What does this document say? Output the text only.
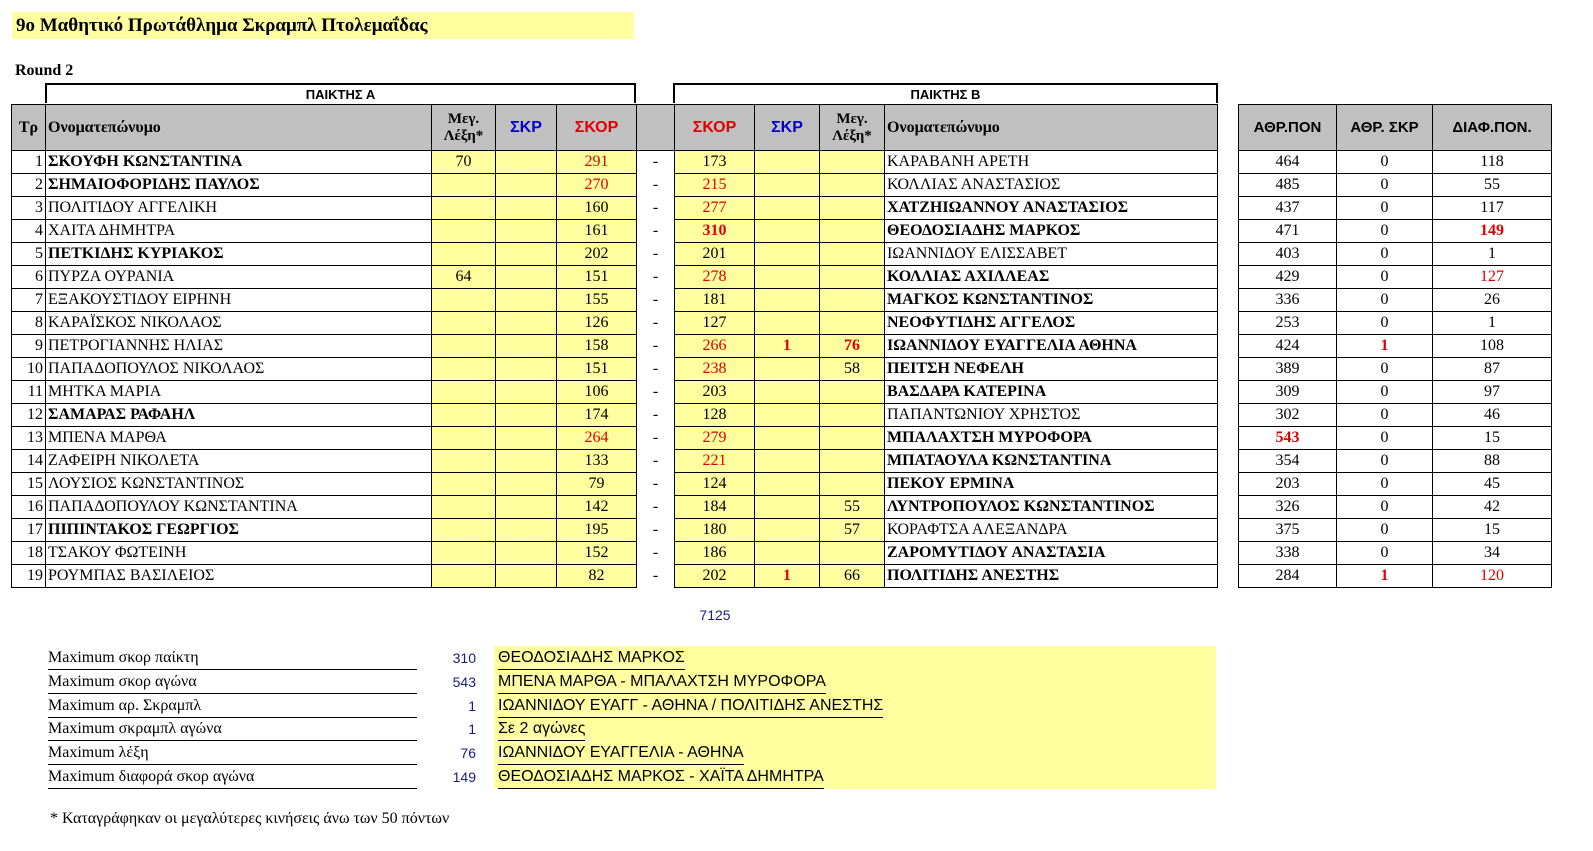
9ο Μαθητικό Πρωτάθλημα Σκραμπλ Πτολεμαΐδας
Round 2
ΠΑΙΚΤΗΣ Α	ΠΑΙΚΤΗΣ Β
Τρ	Ονοματεπώνυμο	Μεγ. Λέξη*	ΣΚΡ	ΣΚΟΡ		ΣΚΟΡ	ΣΚΡ	Μεγ. Λέξη*	Ονοματεπώνυμο
1	ΣΚΟΥΦΗ ΚΩΝΣΤΑΝΤΙΝΑ	70		291	-	173			ΚΑΡΑΒΑΝΗ ΑΡΕΤΗ
2	ΣΗΜΑΙΟΦΟΡΙΔΗΣ ΠΑΥΛΟΣ			270	-	215			ΚΟΛΛΙΑΣ ΑΝΑΣΤΑΣΙΟΣ
3	ΠΟΛΙΤΙΔΟΥ ΑΓΓΕΛΙΚΗ			160	-	277			ΧΑΤΖΗΙΩΑΝΝΟΥ ΑΝΑΣΤΑΣΙΟΣ
4	ΧΑΙΤΑ ΔΗΜΗΤΡΑ			161	-	310			ΘΕΟΔΟΣΙΑΔΗΣ ΜΑΡΚΟΣ
5	ΠΕΤΚΙΔΗΣ ΚΥΡΙΑΚΟΣ			202	-	201			ΙΩΑΝΝΙΔΟΥ ΕΛΙΣΣΑΒΕΤ
6	ΠΥΡΖΑ ΟΥΡΑΝΙΑ	64		151	-	278			ΚΟΛΛΙΑΣ ΑΧΙΛΛΕΑΣ
7	ΕΞΑΚΟΥΣΤΙΔΟΥ ΕΙΡΗΝΗ			155	-	181			ΜΑΓΚΟΣ ΚΩΝΣΤΑΝΤΙΝΟΣ
8	ΚΑΡΑΪΣΚΟΣ ΝΙΚΟΛΑΟΣ			126	-	127			ΝΕΟΦΥΤΙΔΗΣ ΑΓΓΕΛΟΣ
9	ΠΕΤΡΟΓΙΑΝΝΗΣ ΗΛΙΑΣ			158	-	266	1	76	ΙΩΑΝΝΙΔΟΥ ΕΥΑΓΓΕΛΙΑ ΑΘΗΝΑ
10	ΠΑΠΑΔΟΠΟΥΛΟΣ ΝΙΚΟΛΑΟΣ			151	-	238		58	ΠΕΙΤΣΗ ΝΕΦΕΛΗ
11	ΜΗΤΚΑ ΜΑΡΙΑ			106	-	203			ΒΑΣΔΑΡΑ ΚΑΤΕΡΙΝΑ
12	ΣΑΜΑΡΑΣ ΡΑΦΑΗΛ			174	-	128			ΠΑΠΑΝΤΩΝΙΟΥ ΧΡΗΣΤΟΣ
13	ΜΠΕΝΑ ΜΑΡΘΑ			264	-	279			ΜΠΑΛΑΧΤΣΗ ΜΥΡΟΦΟΡΑ
14	ΖΑΦΕΙΡΗ ΝΙΚΟΛΕΤΑ			133	-	221			ΜΠΑΤΑΟΥΛΑ ΚΩΝΣΤΑΝΤΙΝΑ
15	ΛΟΥΣΙΟΣ ΚΩΝΣΤΑΝΤΙΝΟΣ			79	-	124			ΠΕΚΟΥ ΕΡΜΙΝΑ
16	ΠΑΠΑΔΟΠΟΥΛΟΥ ΚΩΝΣΤΑΝΤΙΝΑ			142	-	184		55	ΛΥΝΤΡΟΠΟΥΛΟΣ ΚΩΝΣΤΑΝΤΙΝΟΣ
17	ΠΙΠΙΝΤΑΚΟΣ ΓΕΩΡΓΙΟΣ			195	-	180		57	ΚΟΡΑΦΤΣΑ ΑΛΕΞΑΝΔΡΑ
18	ΤΣΑΚΟΥ ΦΩΤΕΙΝΗ			152	-	186			ΖΑΡΟΜΥΤΙΔΟΥ ΑΝΑΣΤΑΣΙΑ
19	ΡΟΥΜΠΑΣ ΒΑΣΙΛΕΙΟΣ			82	-	202	1	66	ΠΟΛΙΤΙΔΗΣ ΑΝΕΣΤΗΣ
ΑΘΡ.ΠΟΝ	ΑΘΡ. ΣΚΡ	ΔΙΑΦ.ΠΟΝ.
464	0	118
485	0	55
437	0	117
471	0	149
403	0	1
429	0	127
336	0	26
253	0	1
424	1	108
389	0	87
309	0	97
302	0	46
543	0	15
354	0	88
203	0	45
326	0	42
375	0	15
338	0	34
284	1	120
7125
Maximum σκορ παίκτη	310 ΘΕΟΔΟΣΙΑΔΗΣ ΜΑΡΚΟΣ
Maximum σκορ αγώνα	543 ΜΠΕΝΑ ΜΑΡΘΑ - ΜΠΑΛΑΧΤΣΗ ΜΥΡΟΦΟΡΑ
Maximum αρ. Σκραμπλ	1 ΙΩΑΝΝΙΔΟΥ ΕΥΑΓΓ - ΑΘΗΝΑ / ΠΟΛΙΤΙΔΗΣ ΑΝΕΣΤΗΣ
Maximum σκραμπλ αγώνα	1 Σε 2 αγώνες
Maximum λέξη	76 ΙΩΑΝΝΙΔΟΥ ΕΥΑΓΓΕΛΙΑ - ΑΘΗΝΑ
Maximum διαφορά σκορ αγώνα	149 ΘΕΟΔΟΣΙΑΔΗΣ ΜΑΡΚΟΣ - ΧΑΪΤΑ ΔΗΜΗΤΡΑ
* Καταγράφηκαν οι μεγαλύτερες κινήσεις άνω των 50 πόντων
